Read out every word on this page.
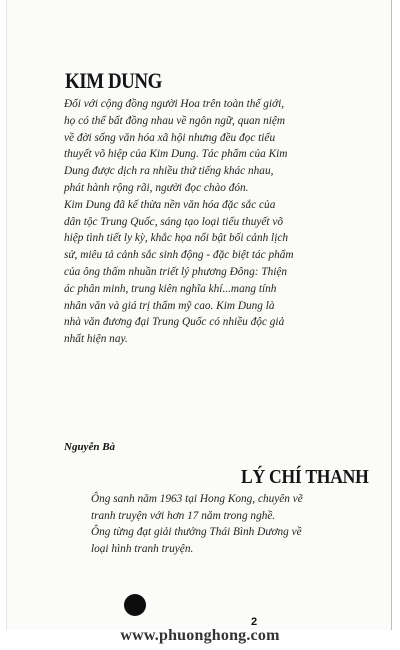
KIM DUNG

Đối với cộng đồng người Hoa trên toàn thế giới, họ có thể bất đồng nhau về ngôn ngữ, quan niệm về đời sống văn hóa xã hội nhưng đều đọc tiểu thuyết võ hiệp của Kim Dung. Tác phẩm của Kim Dung được dịch ra nhiều thứ tiếng khác nhau, phát hành rộng rãi, người đọc chào đón.

Kim Dung đã kế thừa nền văn hóa đặc sắc của dân tộc Trung Quốc, sáng tạo loại tiểu thuyết võ hiệp tình tiết ly kỳ, khắc họa nổi bật bối cảnh lịch sử, miêu tả cảnh sắc sinh động - đặc biệt tác phẩm của ông thấm nhuần triết lý phương Đông: Thiện ác phân minh, trung kiên nghĩa khí...mang tính nhân văn và giá trị thẩm mỹ cao. Kim Dung là nhà văn đương đại Trung Quốc có nhiều độc giả nhất hiện nay.

Nguyễn Bà
LÝ CHÍ THANH

Ông sanh năm 1963 tại Hong Kong, chuyên vẽ tranh truyện với hơn 17 năm trong nghề.

Ông từng đạt giải thưởng Thái Bình Dương về loại hình tranh truyện.

2
www.phuonghong.com
